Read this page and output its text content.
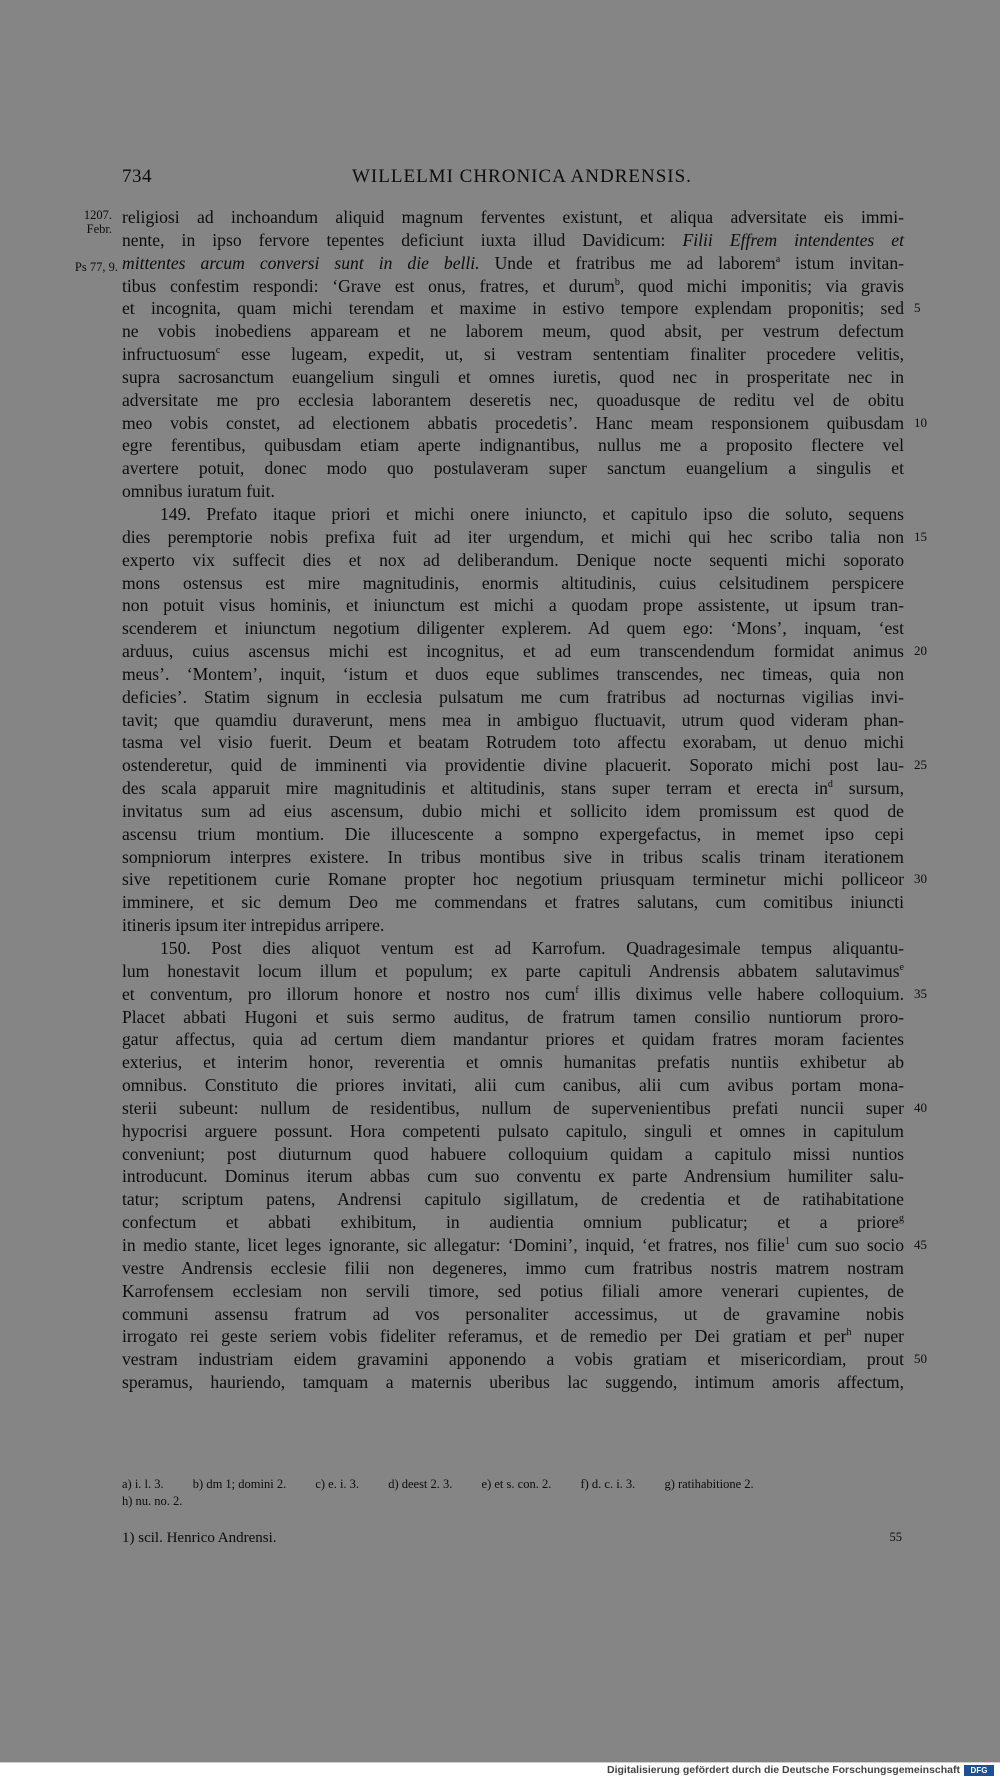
734	WILLELMI CHRONICA ANDRENSIS.
1207.
Febr.
Ps 77, 9.
religiosi ad inchoandum aliquid magnum ferventes existunt, et aliqua adversitate eis immi-
nente, in ipso fervore tepentes deficiunt iuxta illud Davidicum: Filii Effrem intendentes et
mittentes arcum conversi sunt in die belli. Unde et fratribus me ad laborem$^a$ istum invitan-
tibus confestim respondi: ‘Grave est onus, fratres, et durum$^b$, quod michi imponitis; via gravis
et incognita, quam michi terendam et maxime in estivo tempore explendam proponitis; sed 5
ne vobis inobediens appaream et ne laborem meum, quod absit, per vestrum defectum
infructuosum$^c$ esse lugeam, expedit, ut, si vestram sententiam finaliter procedere velitis,
supra sacrosanctum euangelium singuli et omnes iuretis, quod nec in prosperitate nec in
adversitate me pro ecclesia laborantem deseretis nec, quoadusque de reditu vel de obitu
meo vobis constet, ad electionem abbatis procedetis’. Hanc meam responsionem quibusdam 10
egre ferentibus, quibusdam etiam aperte indignantibus, nullus me a proposito flectere vel
avertere potuit, donec modo quo postulaveram super sanctum euangelium a singulis et
omnibus iuratum fuit.
149. Prefato itaque priori et michi onere iniuncto, et capitulo ipso die soluto, sequens
dies peremptorie nobis prefixa fuit ad iter urgendum, et michi qui hec scribo talia non 15
experto vix suffecit dies et nox ad deliberandum. Denique nocte sequenti michi soporato
mons ostensus est mire magnitudinis, enormis altitudinis, cuius celsitudinem perspicere
non potuit visus hominis, et iniunctum est michi a quodam prope assistente, ut ipsum tran-
scenderem et iniunctum negotium diligenter explerem. Ad quem ego: ‘Mons’, inquam, ‘est
arduus, cuius ascensus michi est incognitus, et ad eum transcendendum formidat animus 20
meus’. ‘Montem’, inquit, ‘istum et duos eque sublimes transcendes, nec timeas, quia non
deficies’. Statim signum in ecclesia pulsatum me cum fratribus ad nocturnas vigilias invi-
tavit; que quamdiu duraverunt, mens mea in ambiguo fluctuavit, utrum quod videram phan-
tasma vel visio fuerit. Deum et beatam Rotrudem toto affectu exorabam, ut denuo michi
ostenderetur, quid de imminenti via providentie divine placuerit. Soporato michi post lau- 25
des scala apparuit mire magnitudinis et altitudinis, stans super terram et erecta $in^d$ sursum,
invitatus sum ad eius ascensum, dubio michi et sollicito idem promissum est quod de
ascensu trium montium. Die illucescente a sompno expergefactus, in memet ipso cepi
sompniorum interpres existere. In tribus montibus sive in tribus scalis trinam iterationem
sive repetitionem curie Romane propter hoc negotium priusquam terminetur michi polliceor 30
imminere, et sic demum Deo me commendans et fratres salutans, cum comitibus iniuncti
itineris ipsum iter intrepidus arripere.
150. Post dies aliquot ventum est ad Karrofum. Quadragesimale tempus aliquantu-
lum honestavit locum illum et populum; ex parte capituli Andrensis abbatem salutavimus$^e$
et conventum, pro illorum honore et nostro nos cum$^f$ illis diximus velle habere colloquium. 35
Placet abbati Hugoni et suis sermo auditus, de fratrum tamen consilio nuntiorum proro-
gatur affectus, quia ad certum diem mandantur priores et quidam fratres moram facientes
exterius, et interim honor, reverentia et omnis humanitas prefatis nuntiis exhibetur ab
omnibus. Constituto die priores invitati, alii cum canibus, alii cum avibus portam mona-
sterii subeunt: nullum de residentibus, nullum de supervenientibus prefati nuncii super 40
hypocrisi arguere possunt. Hora competenti pulsato capitulo, singuli et omnes in capitulum
conveniunt; post diuturnum quod habuere colloquium quidam a capitulo missi nuntios
introducunt. Dominus iterum abbas cum suo conventu ex parte Andrensium humiliter salu-
tatur; scriptum patens, Andrensi capitulo sigillatum, de credentia et de ratihabitatione
confectum et abbati exhibitum, in audientia omnium publicatur; et a priore$^g$
in medio stante, licet leges ignorante, sic allegatur: ‘Domini’, inquid, ‘et fratres, nos filie$^1$ cum suo socio 45
vestre Andrensis ecclesie filii non degeneres, immo cum fratribus nostris matrem nostram
Karrofensem ecclesiam non servili timore, sed potius filiali amore venerari cupientes, de
communi assensu fratrum ad vos personaliter accessimus, ut de gravamine nobis
irrogato rei geste seriem vobis fideliter referamus, et de remedio per Dei gratiam et per$^h$ nuper
vestram industriam eidem gravamini apponendo a vobis gratiam et misericordiam, prout 50
speramus, hauriendo, tamquam a maternis uberibus lac suggendo, intimum amoris affectum,
a) i. l. 3. b) dm 1; domini 2. c) e. i. 3. d) deest 2. 3. e) et s. con. 2. f) d. c. i. 3. g) ratihabitione 2.
h) nu. no. 2.
1) scil. Henrico Andrensi.	55
Digitalisierung gefördert durch die Deutsche Forschungsgemeinschaft	DFG
